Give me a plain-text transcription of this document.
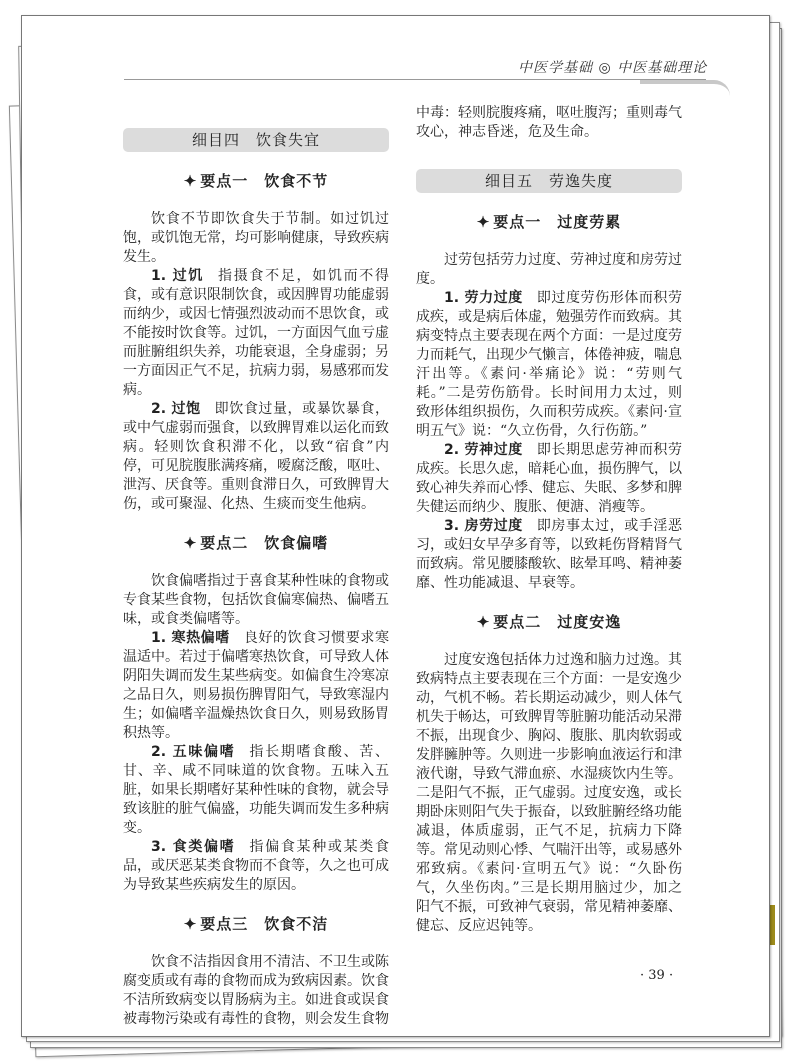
中医学基础 ◎ 中医基础理论
细目四　饮食失宜
✦ 要点一　饮食不节

饮食不节即饮食失于节制。如过饥过饱，或饥饱无常，均可影响健康，导致疾病发生。

1. 过饥 指摄食不足，如饥而不得食，或有意识限制饮食，或因脾胃功能虚弱而纳少，或因七情强烈波动而不思饮食，或不能按时饮食等。过饥，一方面因气血亏虚而脏腑组织失养，功能衰退，全身虚弱；另一方面因正气不足，抗病力弱，易感邪而发病。

2. 过饱 即饮食过量，或暴饮暴食，或中气虚弱而强食，以致脾胃难以运化而致病。轻则饮食积滞不化，以致“宿食”内停，可见脘腹胀满疼痛，嗳腐泛酸，呕吐、泄泻、厌食等。重则食滞日久，可致脾胃大伤，或可聚湿、化热、生痰而变生他病。

✦ 要点二　饮食偏嗜

饮食偏嗜指过于喜食某种性味的食物或专食某些食物，包括饮食偏寒偏热、偏嗜五味，或食类偏嗜等。

1. 寒热偏嗜 良好的饮食习惯要求寒温适中。若过于偏嗜寒热饮食，可导致人体阴阳失调而发生某些病变。如偏食生冷寒凉之品日久，则易损伤脾胃阳气，导致寒湿内生；如偏嗜辛温燥热饮食日久，则易致肠胃积热等。

2. 五味偏嗜 指长期嗜食酸、苦、甘、辛、咸不同味道的饮食物。五味入五脏，如果长期嗜好某种性味的食物，就会导致该脏的脏气偏盛，功能失调而发生多种病变。

3. 食类偏嗜 指偏食某种或某类食品，或厌恶某类食物而不食等，久之也可成为导致某些疾病发生的原因。

✦ 要点三　饮食不洁

饮食不洁指因食用不清洁、不卫生或陈腐变质或有毒的食物而成为致病因素。饮食不洁所致病变以胃肠病为主。如进食或误食被毒物污染或有毒性的食物，则会发生食物

中毒：轻则脘腹疼痛，呕吐腹泻；重则毒气攻心，神志昏迷，危及生命。

细目五　劳逸失度
✦ 要点一　过度劳累

过劳包括劳力过度、劳神过度和房劳过度。

1. 劳力过度 即过度劳伤形体而积劳成疾，或是病后体虚，勉强劳作而致病。其病变特点主要表现在两个方面：一是过度劳力而耗气，出现少气懒言，体倦神疲，喘息汗出等。《素问·举痛论》说：“劳则气耗。”二是劳伤筋骨。长时间用力太过，则致形体组织损伤，久而积劳成疾。《素问·宣明五气》说：“久立伤骨，久行伤筋。”

2. 劳神过度 即长期思虑劳神而积劳成疾。长思久虑，暗耗心血，损伤脾气，以致心神失养而心悸、健忘、失眠、多梦和脾失健运而纳少、腹胀、便溏、消瘦等。

3. 房劳过度 即房事太过，或手淫恶习，或妇女早孕多育等，以致耗伤肾精肾气而致病。常见腰膝酸软、眩晕耳鸣、精神萎靡、性功能减退、早衰等。

✦ 要点二　过度安逸

过度安逸包括体力过逸和脑力过逸。其致病特点主要表现在三个方面：一是安逸少动，气机不畅。若长期运动减少，则人体气机失于畅达，可致脾胃等脏腑功能活动呆滞不振，出现食少、胸闷、腹胀、肌肉软弱或发胖臃肿等。久则进一步影响血液运行和津液代谢，导致气滞血瘀、水湿痰饮内生等。二是阳气不振，正气虚弱。过度安逸，或长期卧床则阳气失于振奋，以致脏腑经络功能减退，体质虚弱，正气不足，抗病力下降等。常见动则心悸、气喘汗出等，或易感外邪致病。《素问·宣明五气》说：“久卧伤气，久坐伤肉。”三是长期用脑过少，加之阳气不振，可致神气衰弱，常见精神萎靡、健忘、反应迟钝等。

· 39 ·
